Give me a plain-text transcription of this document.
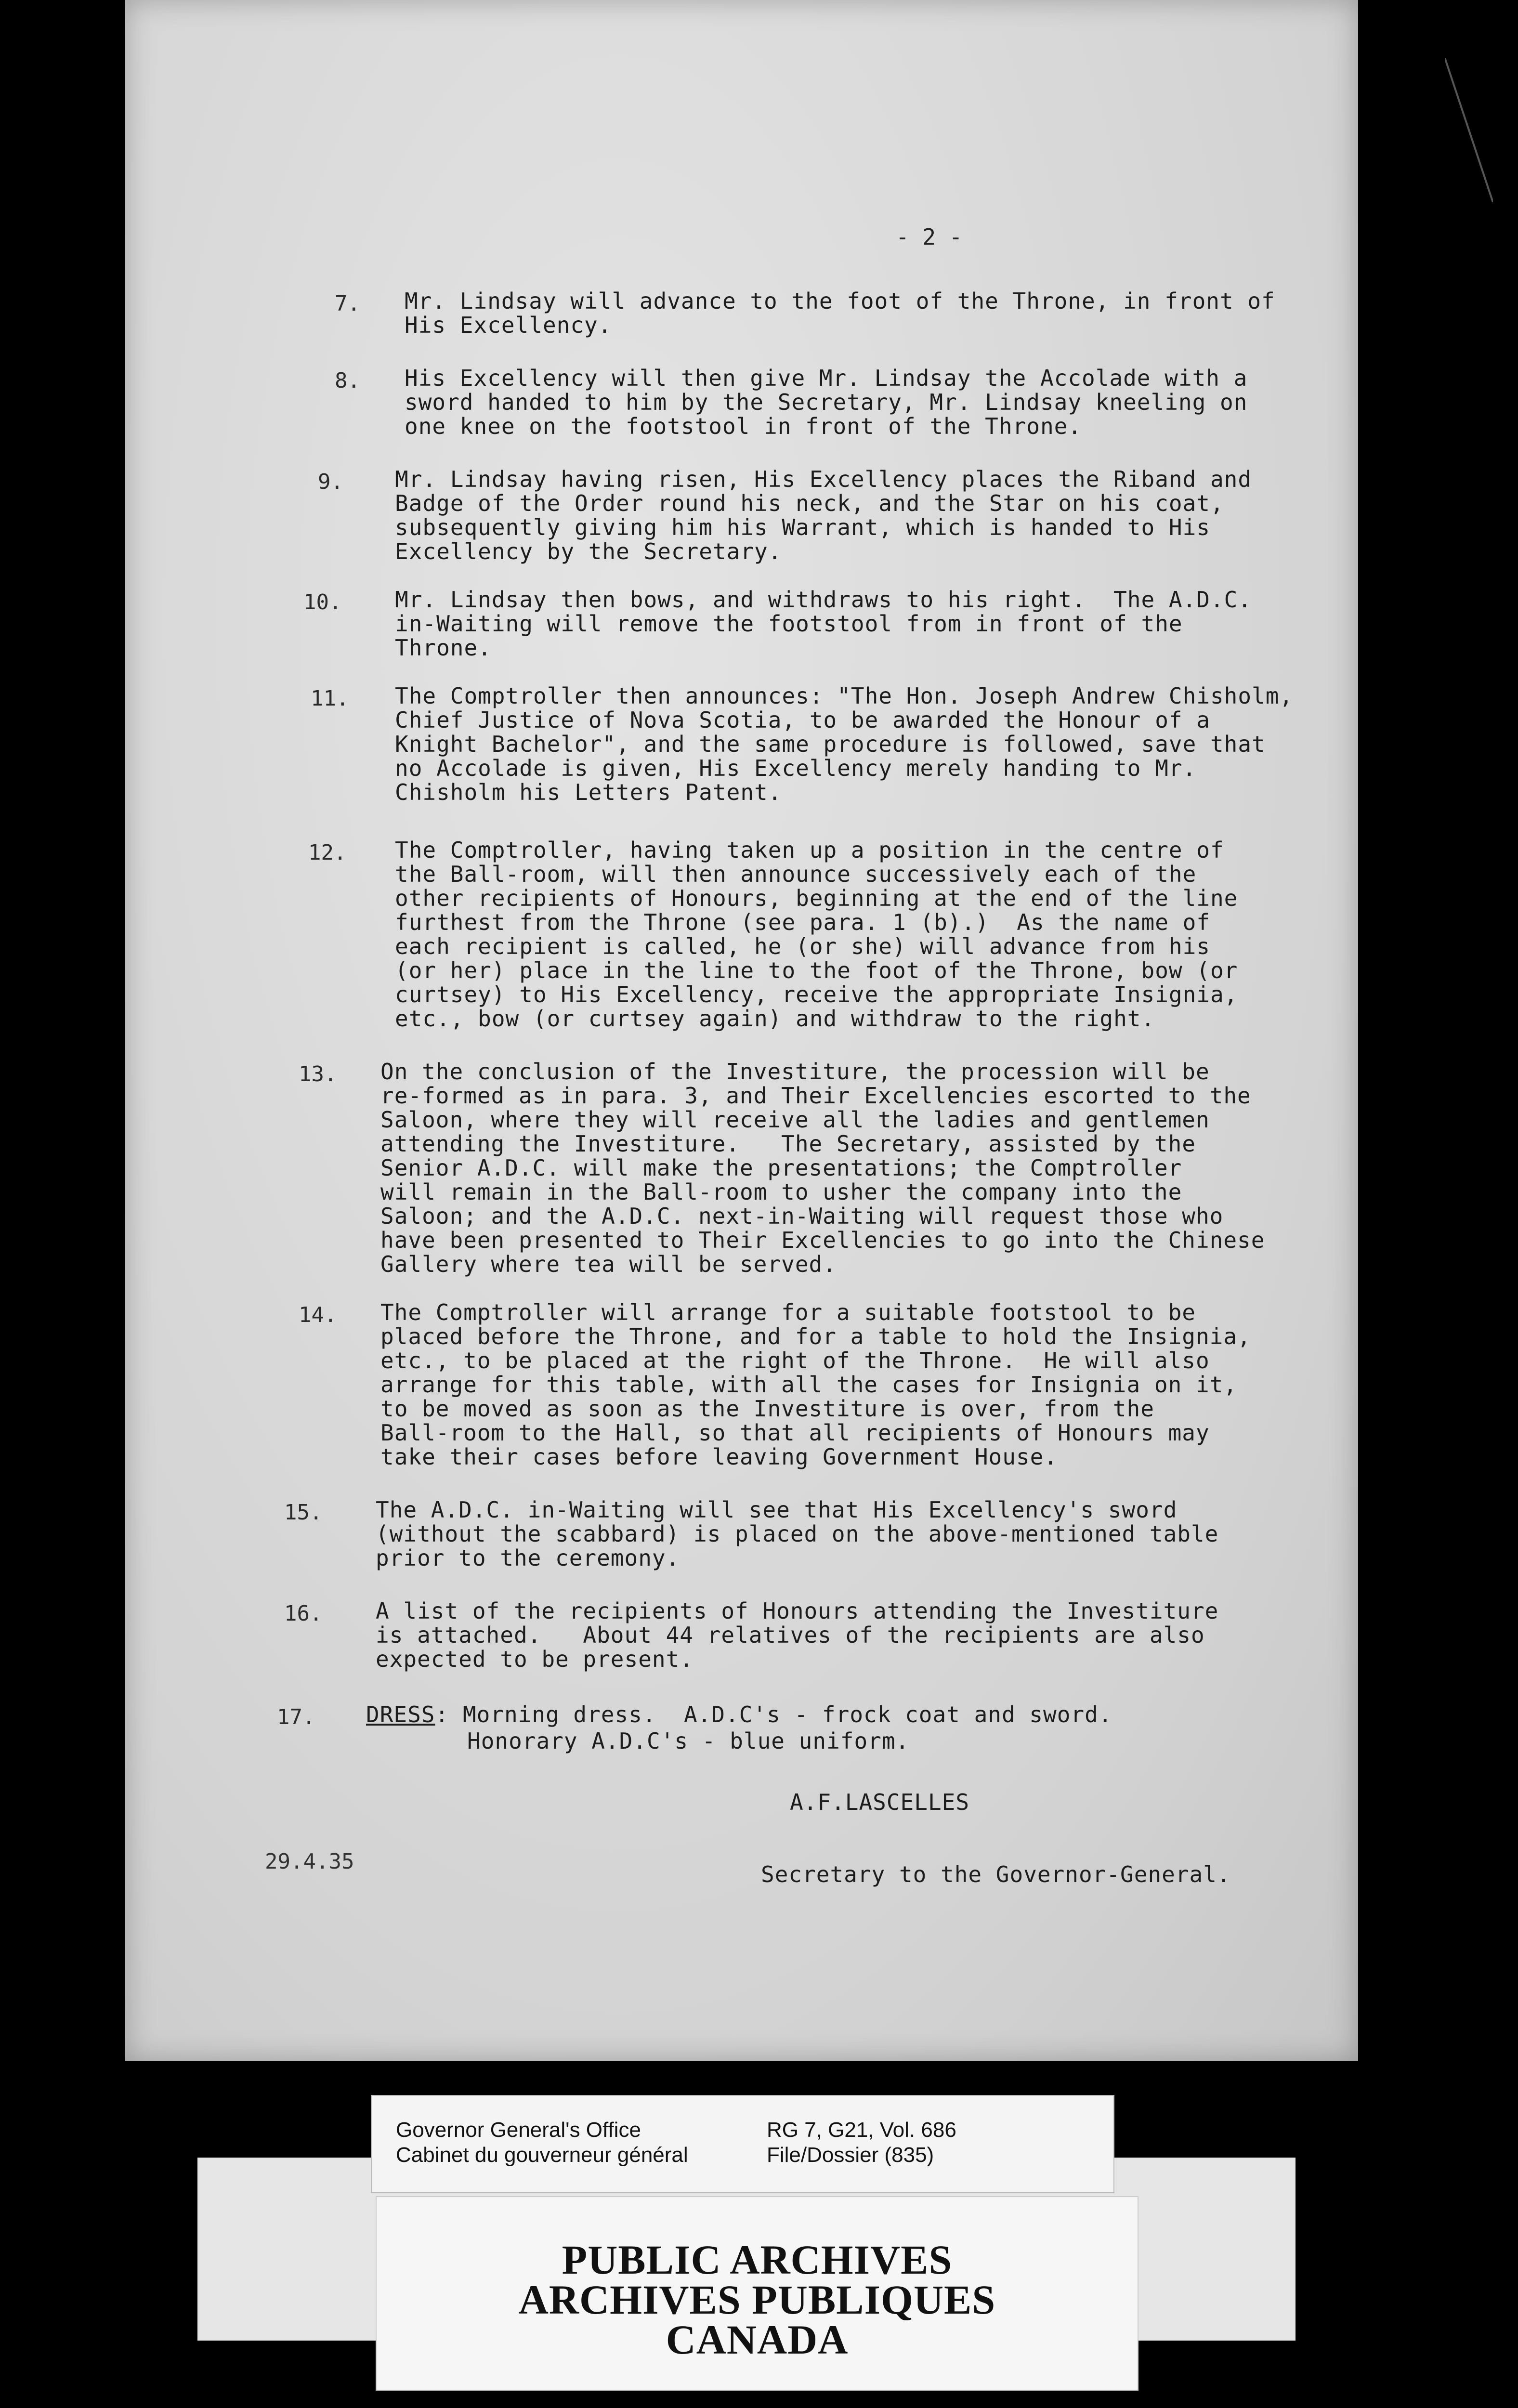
- 2 -
7. Mr. Lindsay will advance to the foot of the Throne, in front of
His Excellency.
8. His Excellency will then give Mr. Lindsay the Accolade with a
sword handed to him by the Secretary, Mr. Lindsay kneeling on
one knee on the footstool in front of the Throne.
9. Mr. Lindsay having risen, His Excellency places the Riband and
Badge of the Order round his neck, and the Star on his coat,
subsequently giving him his Warrant, which is handed to His
Excellency by the Secretary.
10. Mr. Lindsay then bows, and withdraws to his right.  The A.D.C.
in-Waiting will remove the footstool from in front of the
Throne.
11. The Comptroller then announces: "The Hon. Joseph Andrew Chisholm,
Chief Justice of Nova Scotia, to be awarded the Honour of a
Knight Bachelor", and the same procedure is followed, save that
no Accolade is given, His Excellency merely handing to Mr.
Chisholm his Letters Patent.
12. The Comptroller, having taken up a position in the centre of
the Ball-room, will then announce successively each of the
other recipients of Honours, beginning at the end of the line
furthest from the Throne (see para. 1 (b).)  As the name of
each recipient is called, he (or she) will advance from his
(or her) place in the line to the foot of the Throne, bow (or
curtsey) to His Excellency, receive the appropriate Insignia,
etc., bow (or curtsey again) and withdraw to the right.
13. On the conclusion of the Investiture, the procession will be
re-formed as in para. 3, and Their Excellencies escorted to the
Saloon, where they will receive all the ladies and gentlemen
attending the Investiture.   The Secretary, assisted by the
Senior A.D.C. will make the presentations; the Comptroller
will remain in the Ball-room to usher the company into the
Saloon; and the A.D.C. next-in-Waiting will request those who
have been presented to Their Excellencies to go into the Chinese
Gallery where tea will be served.
14. The Comptroller will arrange for a suitable footstool to be
placed before the Throne, and for a table to hold the Insignia,
etc., to be placed at the right of the Throne.  He will also
arrange for this table, with all the cases for Insignia on it,
to be moved as soon as the Investiture is over, from the
Ball-room to the Hall, so that all recipients of Honours may
take their cases before leaving Government House.
15. The A.D.C. in-Waiting will see that His Excellency's sword
(without the scabbard) is placed on the above-mentioned table
prior to the ceremony.
16. A list of the recipients of Honours attending the Investiture
is attached.   About 44 relatives of the recipients are also
expected to be present.
17. DRESS: Morning dress.  A.D.C's - frock coat and sword.
Honorary A.D.C's - blue uniform.
A.F.LASCELLES
29.4.35	Secretary to the Governor-General.
Governor General's Office
Cabinet du gouverneur général
RG 7, G21, Vol. 686
File/Dossier (835)
PUBLIC ARCHIVES
ARCHIVES PUBLIQUES
CANADA
